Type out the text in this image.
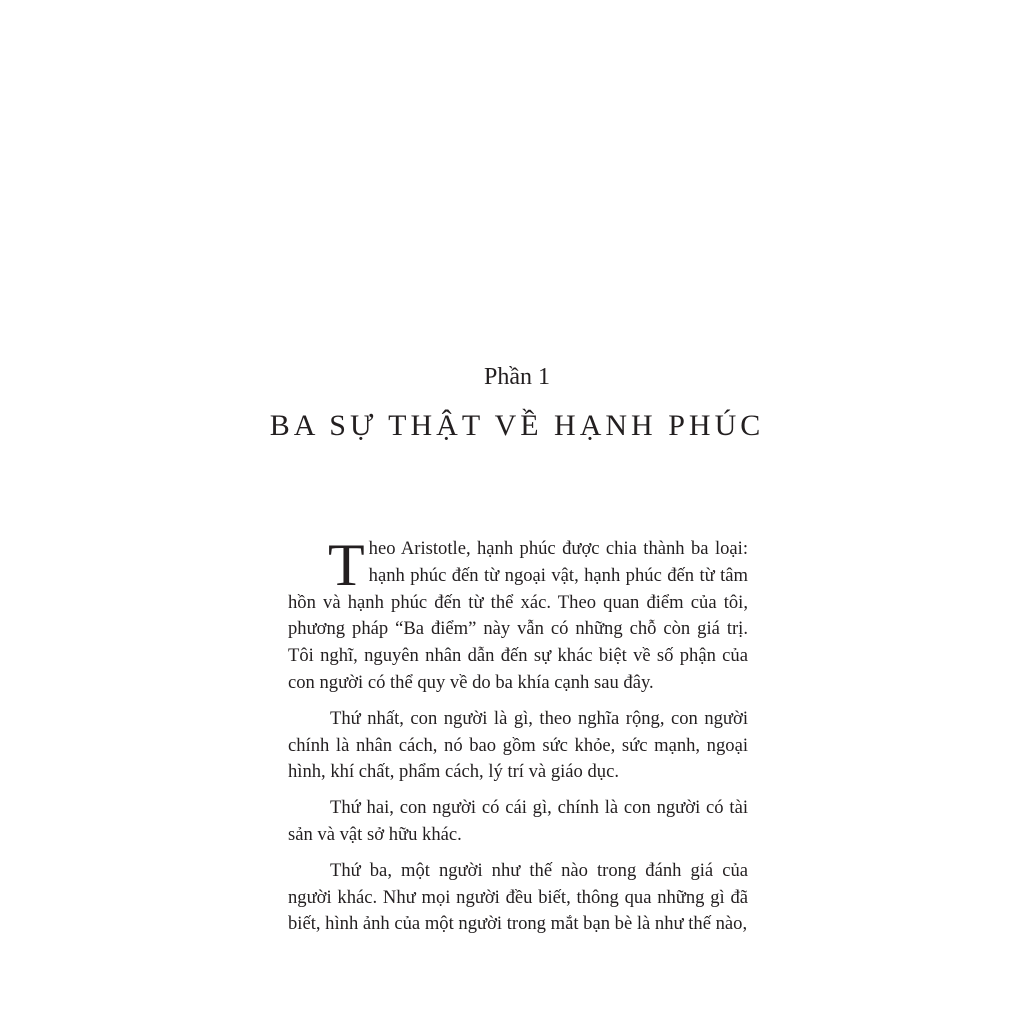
Phần 1
BA SỰ THẬT VỀ HẠNH PHÚC

Theo Aristotle, hạnh phúc được chia thành ba loại: hạnh phúc đến từ ngoại vật, hạnh phúc đến từ tâm hồn và hạnh phúc đến từ thể xác. Theo quan điểm của tôi, phương pháp “Ba điểm” này vẫn có những chỗ còn giá trị. Tôi nghĩ, nguyên nhân dẫn đến sự khác biệt về số phận của con người có thể quy về do ba khía cạnh sau đây.

Thứ nhất, con người là gì, theo nghĩa rộng, con người chính là nhân cách, nó bao gồm sức khỏe, sức mạnh, ngoại hình, khí chất, phẩm cách, lý trí và giáo dục.

Thứ hai, con người có cái gì, chính là con người có tài sản và vật sở hữu khác.

Thứ ba, một người như thế nào trong đánh giá của người khác. Như mọi người đều biết, thông qua những gì đã biết, hình ảnh của một người trong mắt bạn bè là như thế nào,
